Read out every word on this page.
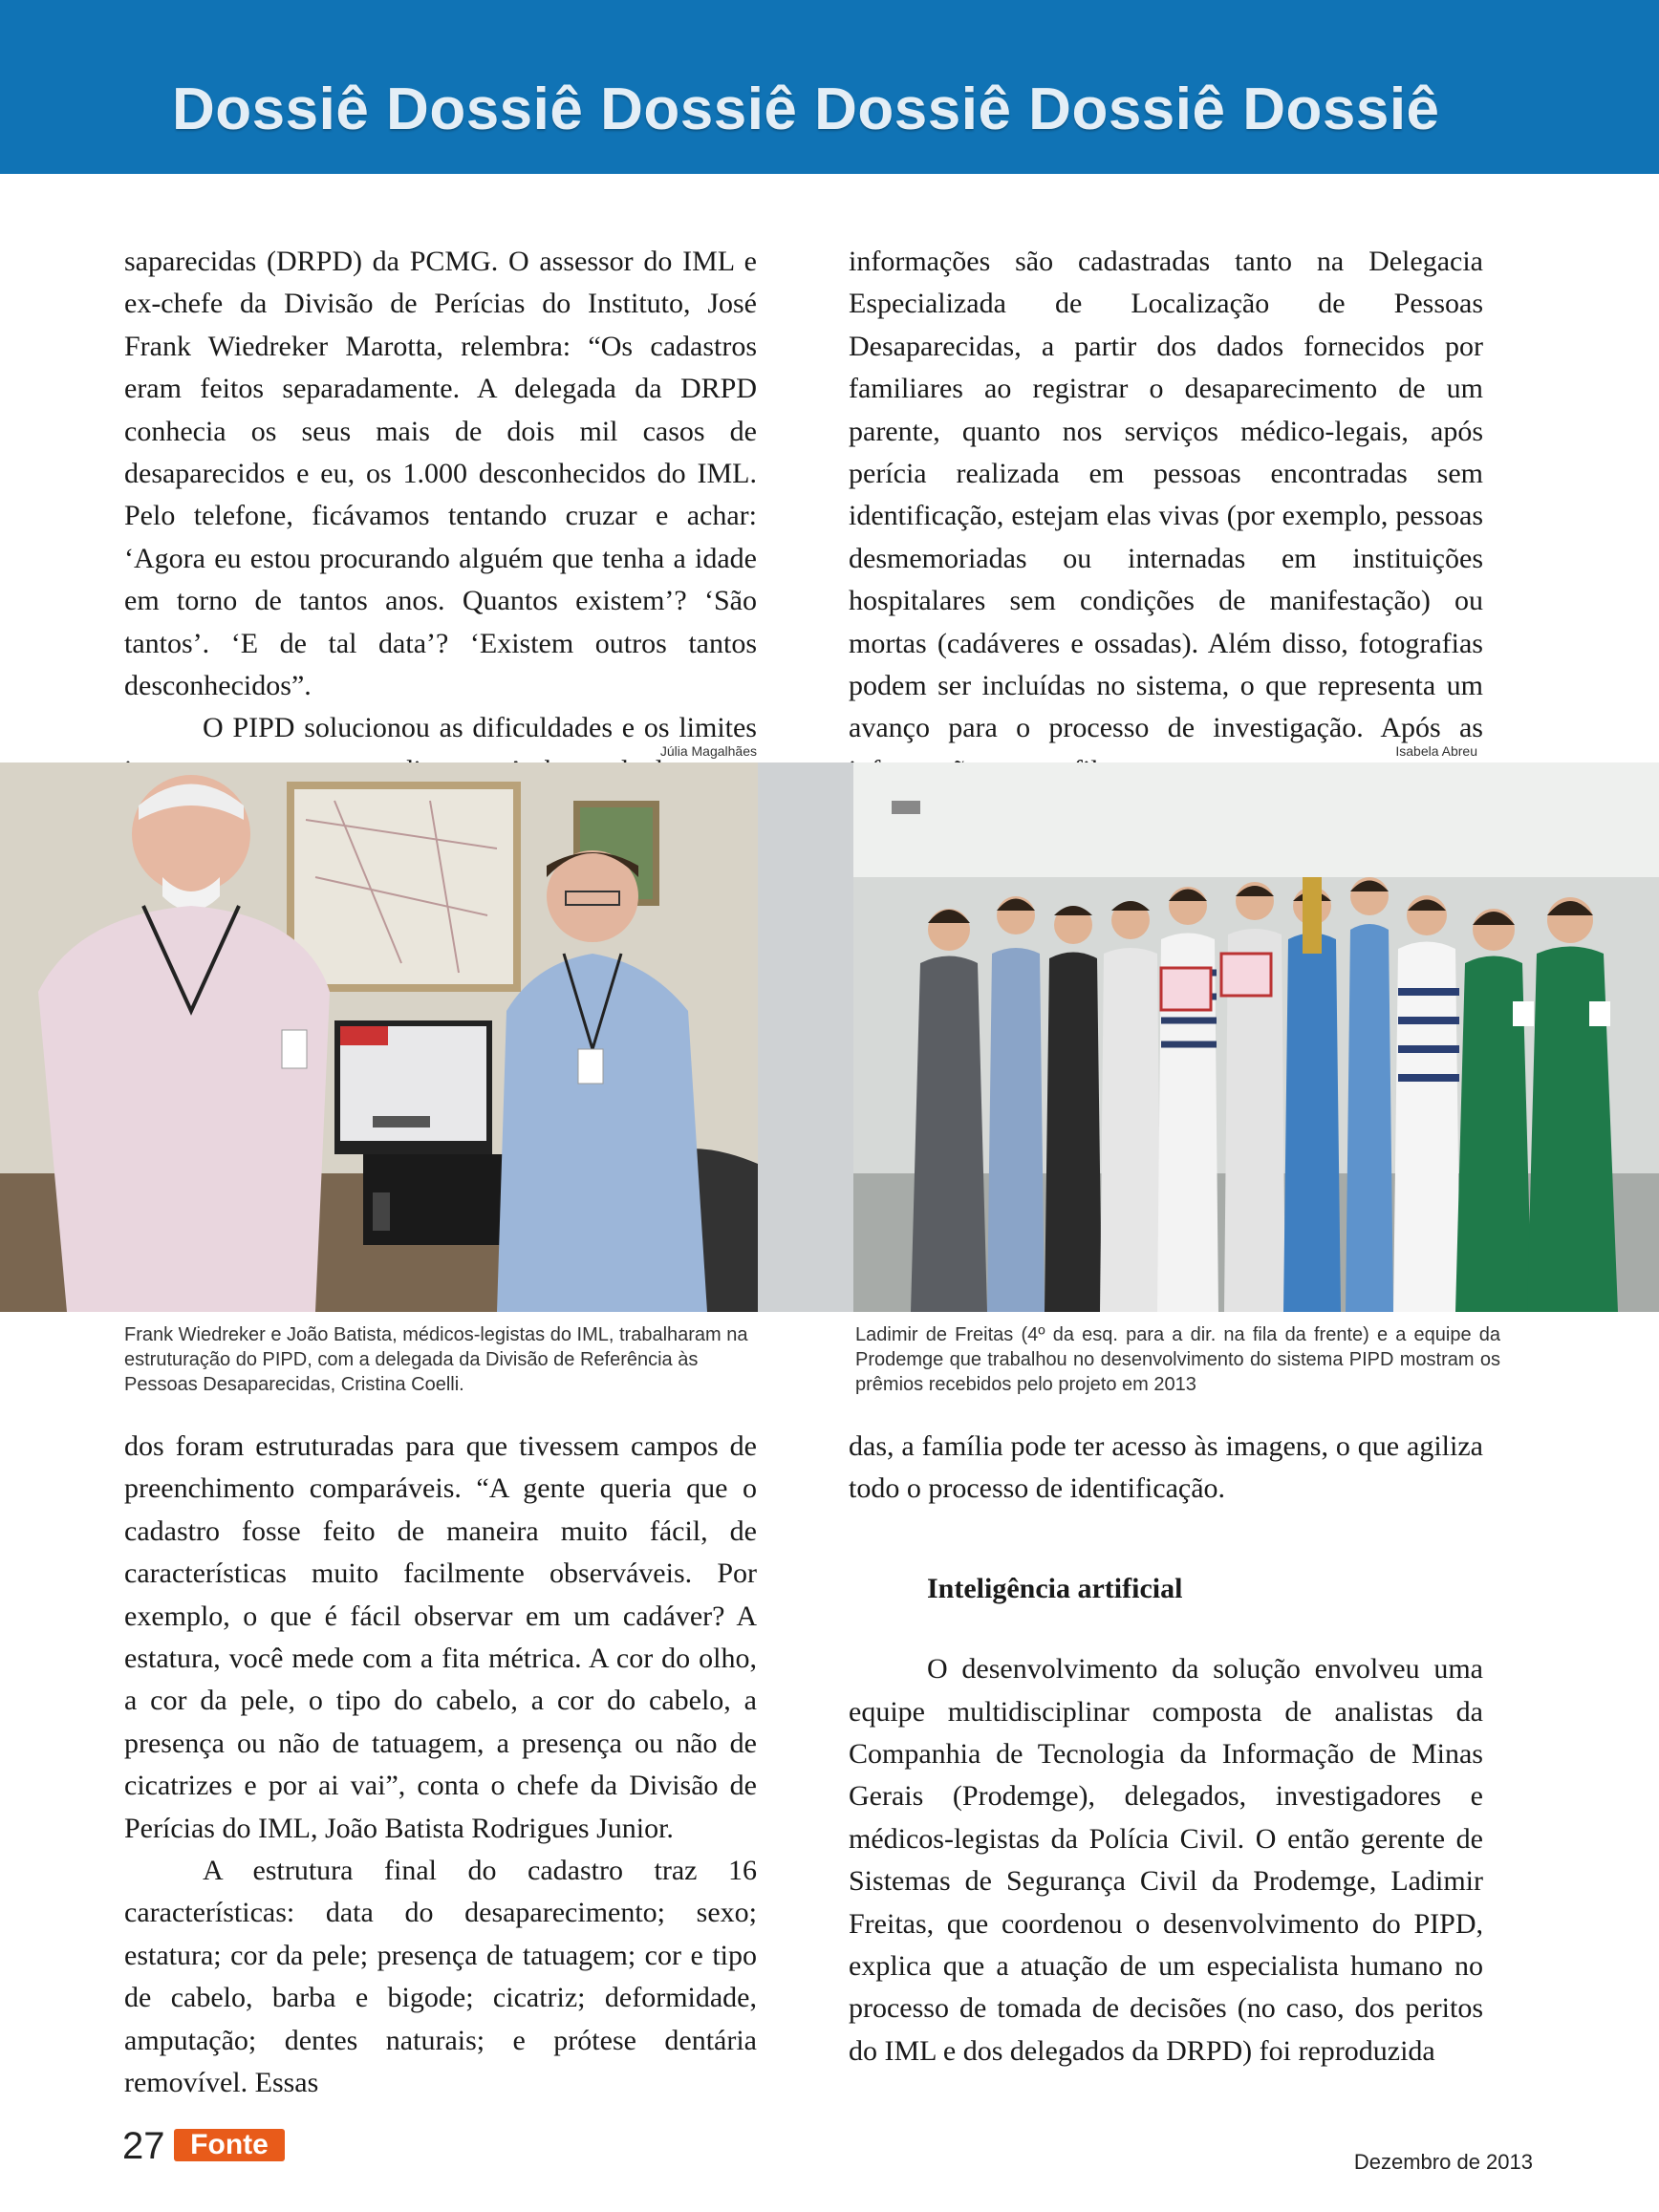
Dossiê Dossiê Dossiê Dossiê Dossiê Dossiê

saparecidas (DRPD) da PCMG. O assessor do IML e ex-chefe da Divisão de Perícias do Instituto, José Frank Wiedreker Marotta, relembra: “Os cadastros eram feitos separadamente. A delegada da DRPD conhecia os seus mais de dois mil casos de desaparecidos e eu, os 1.000 desconhecidos do IML. Pelo telefone, ficávamos tentando cruzar e achar: ‘Agora eu estou procurando alguém que tenha a idade em torno de tantos anos. Quantos existem’? ‘São tantos’. ‘E de tal data’? ‘Existem outros tantos desconhecidos”.

O PIPD solucionou as dificuldades e os limites

informações são cadastradas tanto na Delegacia Especializada de Localização de Pessoas Desaparecidas, a partir dos dados fornecidos por familiares ao registrar o desaparecimento de um parente, quanto nos serviços médico-legais, após perícia realizada em pessoas encontradas sem identificação, estejam elas vivas (por exemplo, pessoas desmemoriadas ou internadas em instituições hospitalares sem condições de manifestação) ou mortas (cadáveres e ossadas). Além disso, fotografias podem ser incluídas no sistema, o que representa um avanço para o processo de investigação. Após as

Júlia Magalhães	Isabela Abreu
Frank Wiedreker e João Batista, médicos-legistas do IML, trabalharam na estruturação do PIPD, com a delegada da Divisão de Referência às Pessoas Desaparecidas, Cristina Coelli.
Ladimir de Freitas (4º da esq. para a dir. na fila da frente) e a equipe da Prodemge que trabalhou no desenvolvimento do sistema PIPD mostram os prêmios recebidos pelo projeto em 2013

dos foram estruturadas para que tivessem campos de preenchimento comparáveis. “A gente queria que o cadastro fosse feito de maneira muito fácil, de características muito facilmente observáveis. Por exemplo, o que é fácil observar em um cadáver? A estatura, você mede com a fita métrica. A cor do olho, a cor da pele, o tipo do cabelo, a cor do cabelo, a presença ou não de tatuagem, a presença ou não de cicatrizes e por ai vai”, conta o chefe da Divisão de Perícias do IML, João Batista Rodrigues Junior.

A estrutura final do cadastro traz 16 características: data do desaparecimento; sexo; estatura; cor da pele; presença de tatuagem; cor e tipo de cabelo, barba e bigode; cicatriz; deformidade, amputação; dentes naturais; e prótese dentária removível. Essas

das, a família pode ter acesso às imagens, o que agiliza todo o processo de identificação.

Inteligência artificial

O desenvolvimento da solução envolveu uma equipe multidisciplinar composta de analistas da Companhia de Tecnologia da Informação de Minas Gerais (Prodemge), delegados, investigadores e médicos-legistas da Polícia Civil. O então gerente de Sistemas de Segurança Civil da Prodemge, Ladimir Freitas, que coordenou o desenvolvimento do PIPD, explica que a atuação de um especialista humano no processo de tomada de decisões (no caso, dos peritos do IML e dos delegados da DRPD) foi reproduzida

27 Fonte
Dezembro de 2013
